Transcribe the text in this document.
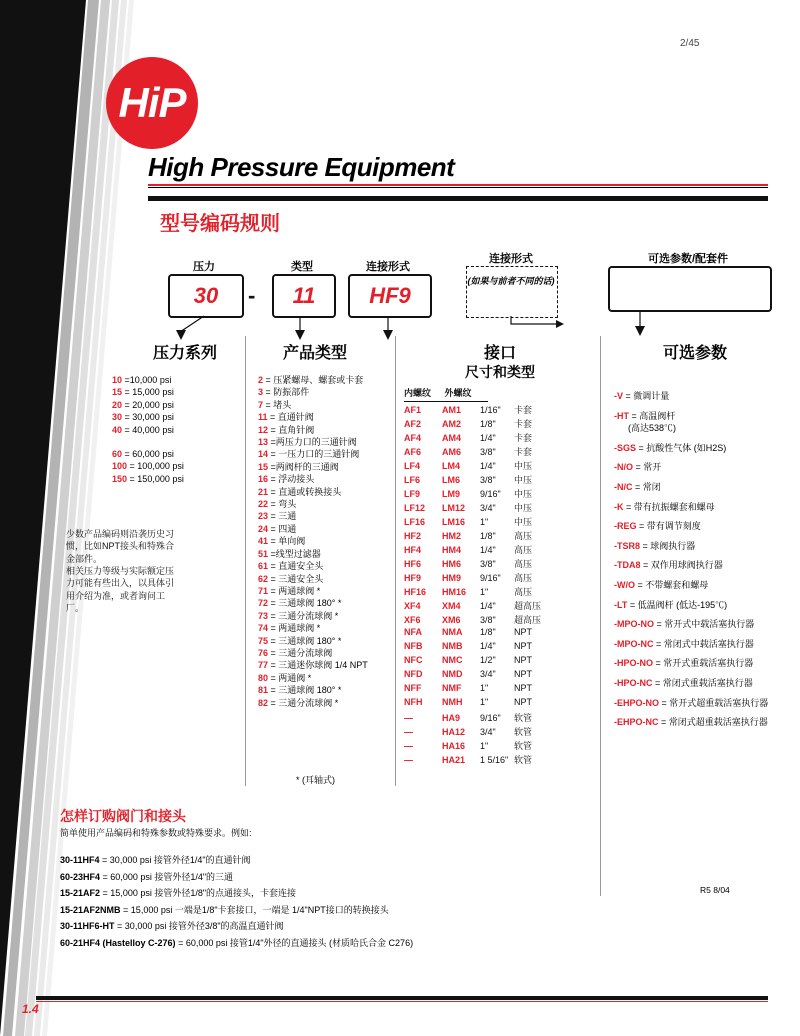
2/45
HiP
High Pressure Equipment
型号编码规则
压力
30	-
类型
11
连接形式
HF9
连接形式
(如果与前者不同的话)
可选参数/配套件
压力系列	产品类型	接口
尺寸和类型
可选参数
10 =10,000 psi
15 = 15,000 psi
20 = 20,000 psi
30 = 30,000 psi
40 = 40,000 psi
60 = 60,000 psi
100 = 100,000 psi
150 = 150,000 psi
少数产品编码则沿袭历史习惯，比如NPT接头和特殊合金部件。
相关压力等级与实际额定压力可能有些出入，以具体引用介绍为准，或者询问工厂。
2 = 压紧螺母、螺套或卡套
3 = 防振部件
7 = 堵头
11 = 直通针阀
12 = 直角针阀
13 =两压力口的三通针阀
14 = 一压力口的三通针阀
15 =两阀杆的三通阀
16 = 浮动接头
21 = 直通或转换接头
22 = 弯头
23 = 三通
24 = 四通
41 = 单向阀
51 =线型过滤器
61 = 直通安全头
62 = 三通安全头
71 = 两通球阀 *
72 = 三通球阀 180° *
73 = 三通分流球阀 *
74 = 两通球阀 *
75 = 三通球阀 180° *
76 = 三通分流球阀
77 = 三通迷你球阀 1/4 NPT
80 = 两通阀 *
81 = 三通球阀 180° *
82 = 三通分流球阀 *
* (耳轴式)
内螺纹 外螺纹
AF1 AM1 1/16" 卡套
AF2 AM2 1/8" 卡套
AF4 AM4 1/4" 卡套
AF6 AM6 3/8" 卡套
LF4 LM4 1/4" 中压
LF6 LM6 3/8" 中压
LF9 LM9 9/16" 中压
LF12 LM12 3/4" 中压
LF16 LM16 1"	中压
HF2 HM2 1/8" 高压
HF4 HM4 1/4" 高压
HF6 HM6 3/8" 高压
HF9 HM9 9/16" 高压
HF16 HM16 1"	高压
XF4 XM4 1/4" 超高压
XF6 XM6 3/8" 超高压
NFA NMA 1/8" NPT
NFB NMB 1/4" NPT
NFC NMC 1/2" NPT
NFD NMD 3/4" NPT
NFF NMF 1"	NPT
NFH NMH 1"	NPT
—	HA9 9/16" 软管
—	HA12 3/4" 软管
—	HA16 1"	软管
—	HA21 1 5/16" 软管

-V = 微调计量

-HT = 高温阀杆
(高达538℃)

-SGS = 抗酸性气体 (如H2S)

-N/O = 常开

-N/C = 常闭

-K = 带有抗振螺套和螺母

-REG = 带有调节刻度

-TSR8 = 球阀执行器

-TDA8 = 双作用球阀执行器

-W/O = 不带螺套和螺母

-LT = 低温阀杆 (低达-195℃)

-MPO-NO = 常开式中载活塞执行器

-MPO-NC = 常闭式中载活塞执行器

-HPO-NO = 常开式重载活塞执行器

-HPO-NC = 常闭式重载活塞执行器

-EHPO-NO = 常开式超重载活塞执行器

-EHPO-NC = 常闭式超重载活塞执行器

怎样订购阀门和接头
简单使用产品编码和特殊参数或特殊要求。例如:
30-11HF4 = 30,000 psi 接管外径1/4"的直通针阀
60-23HF4 = 60,000 psi 接管外径1/4"的三通
15-21AF2 = 15,000 psi 接管外径1/8"的点通接头，卡套连接
15-21AF2NMB = 15,000 psi 一端是1/8"卡套接口，一端是 1/4"NPT接口的转换接头
30-11HF6-HT = 30,000 psi 接管外径3/8"的高温直通针阀
60-21HF4 (Hastelloy C-276) = 60,000 psi 接管1/4"外径的直通接头 (材质哈氏合金 C276)
R5 8/04
1.4
